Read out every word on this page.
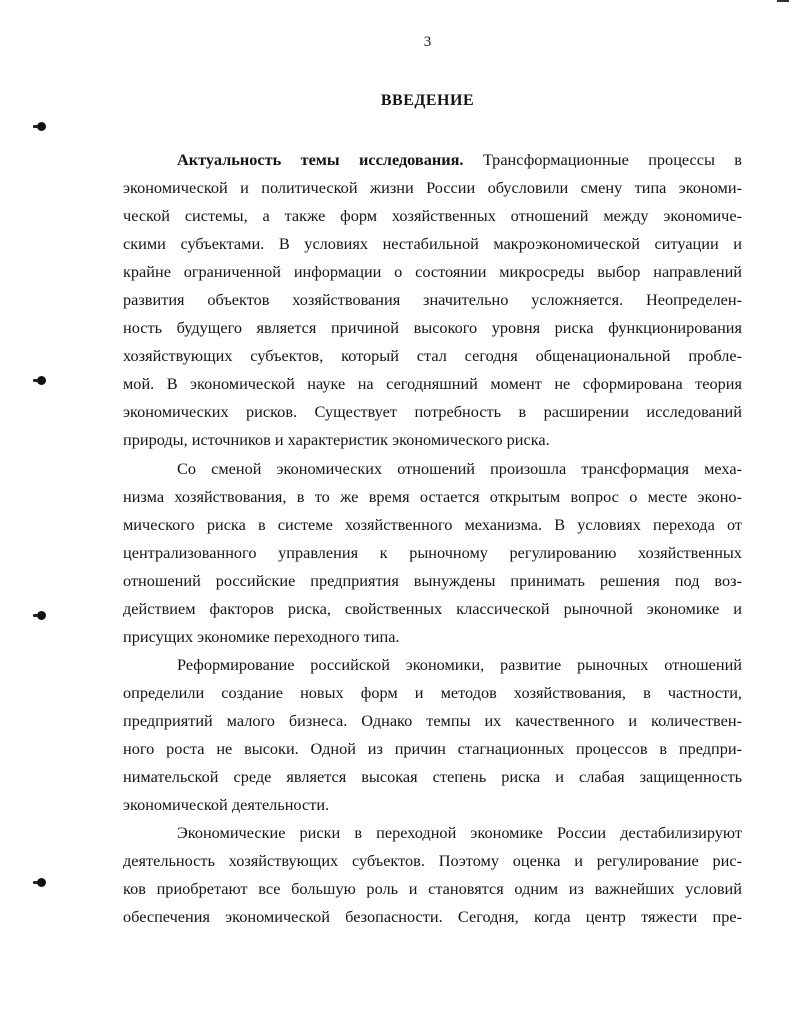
3
ВВЕДЕНИЕ

Актуальность темы исследования. Трансформационные процессы в
экономической и политической жизни России обусловили смену типа экономи-
ческой системы, а также форм хозяйственных отношений между экономиче-
скими субъектами. В условиях нестабильной макроэкономической ситуации и
крайне ограниченной информации о состоянии микросреды выбор направлений
развития объектов хозяйствования значительно усложняется. Неопределен-
ность будущего является причиной высокого уровня риска функционирования
хозяйствующих субъектов, который стал сегодня общенациональной пробле-
мой. В экономической науке на сегодняшний момент не сформирована теория
экономических рисков. Существует потребность в расширении исследований
природы, источников и характеристик экономического риска.

Со сменой экономических отношений произошла трансформация меха-
низма хозяйствования, в то же время остается открытым вопрос о месте эконо-
мического риска в системе хозяйственного механизма. В условиях перехода от
централизованного управления к рыночному регулированию хозяйственных
отношений российские предприятия вынуждены принимать решения под воз-
действием факторов риска, свойственных классической рыночной экономике и
присущих экономике переходного типа.

Реформирование российской экономики, развитие рыночных отношений
определили создание новых форм и методов хозяйствования, в частности,
предприятий малого бизнеса. Однако темпы их качественного и количествен-
ного роста не высоки. Одной из причин стагнационных процессов в предпри-
нимательской среде является высокая степень риска и слабая защищенность
экономической деятельности.

Экономические риски в переходной экономике России дестабилизируют
деятельность хозяйствующих субъектов. Поэтому оценка и регулирование рис-
ков приобретают все большую роль и становятся одним из важнейших условий
обеспечения экономической безопасности. Сегодня, когда центр тяжести пре-
